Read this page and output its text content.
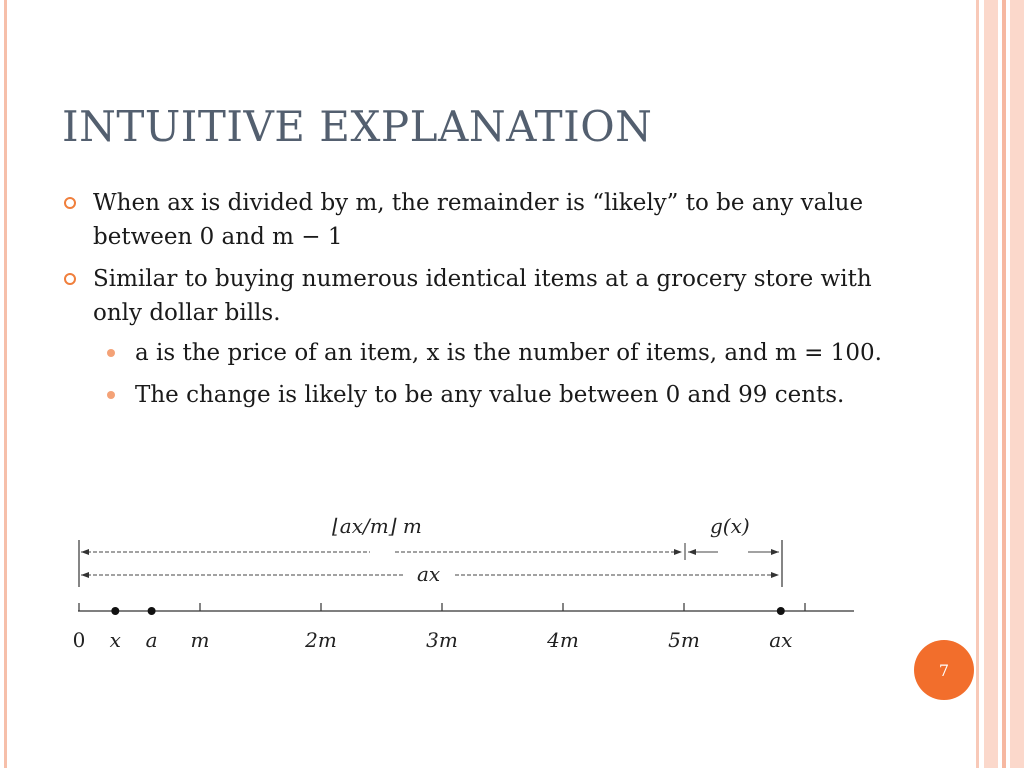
INTUITIVE EXPLANATION
When ax is divided by m, the remainder is “likely” to be any value between 0 and m − 1
Similar to buying numerous identical items at a grocery store with only dollar bills.
a is the price of an item, x is the number of items, and m = 100.
The change is likely to be any value between 0 and 99 cents.
⌊ax/m⌋ m	g(x)
ax
0	m	2m	3m	4m	5m
x a	ax
7
